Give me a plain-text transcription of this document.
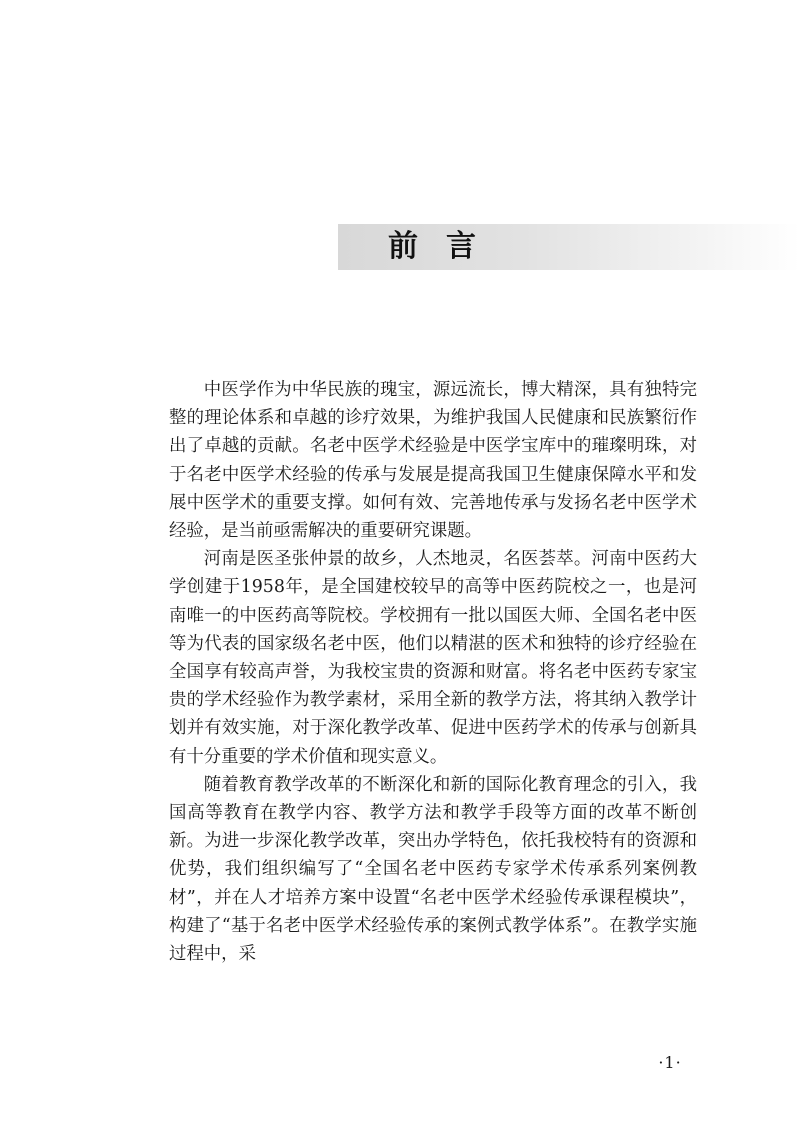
前言

中医学作为中华民族的瑰宝，源远流长，博大精深，具有独特完整的理论体系和卓越的诊疗效果，为维护我国人民健康和民族繁衍作出了卓越的贡献。名老中医学术经验是中医学宝库中的璀璨明珠，对于名老中医学术经验的传承与发展是提高我国卫生健康保障水平和发展中医学术的重要支撑。如何有效、完善地传承与发扬名老中医学术经验，是当前亟需解决的重要研究课题。

河南是医圣张仲景的故乡，人杰地灵，名医荟萃。河南中医药大学创建于1958年，是全国建校较早的高等中医药院校之一，也是河南唯一的中医药高等院校。学校拥有一批以国医大师、全国名老中医等为代表的国家级名老中医，他们以精湛的医术和独特的诊疗经验在全国享有较高声誉，为我校宝贵的资源和财富。将名老中医药专家宝贵的学术经验作为教学素材，采用全新的教学方法，将其纳入教学计划并有效实施，对于深化教学改革、促进中医药学术的传承与创新具有十分重要的学术价值和现实意义。

随着教育教学改革的不断深化和新的国际化教育理念的引入，我国高等教育在教学内容、教学方法和教学手段等方面的改革不断创新。为进一步深化教学改革，突出办学特色，依托我校特有的资源和优势，我们组织编写了“全国名老中医药专家学术传承系列案例教材”，并在人才培养方案中设置“名老中医学术经验传承课程模块”，构建了“基于名老中医学术经验传承的案例式教学体系”。在教学实施过程中，采

·1·
